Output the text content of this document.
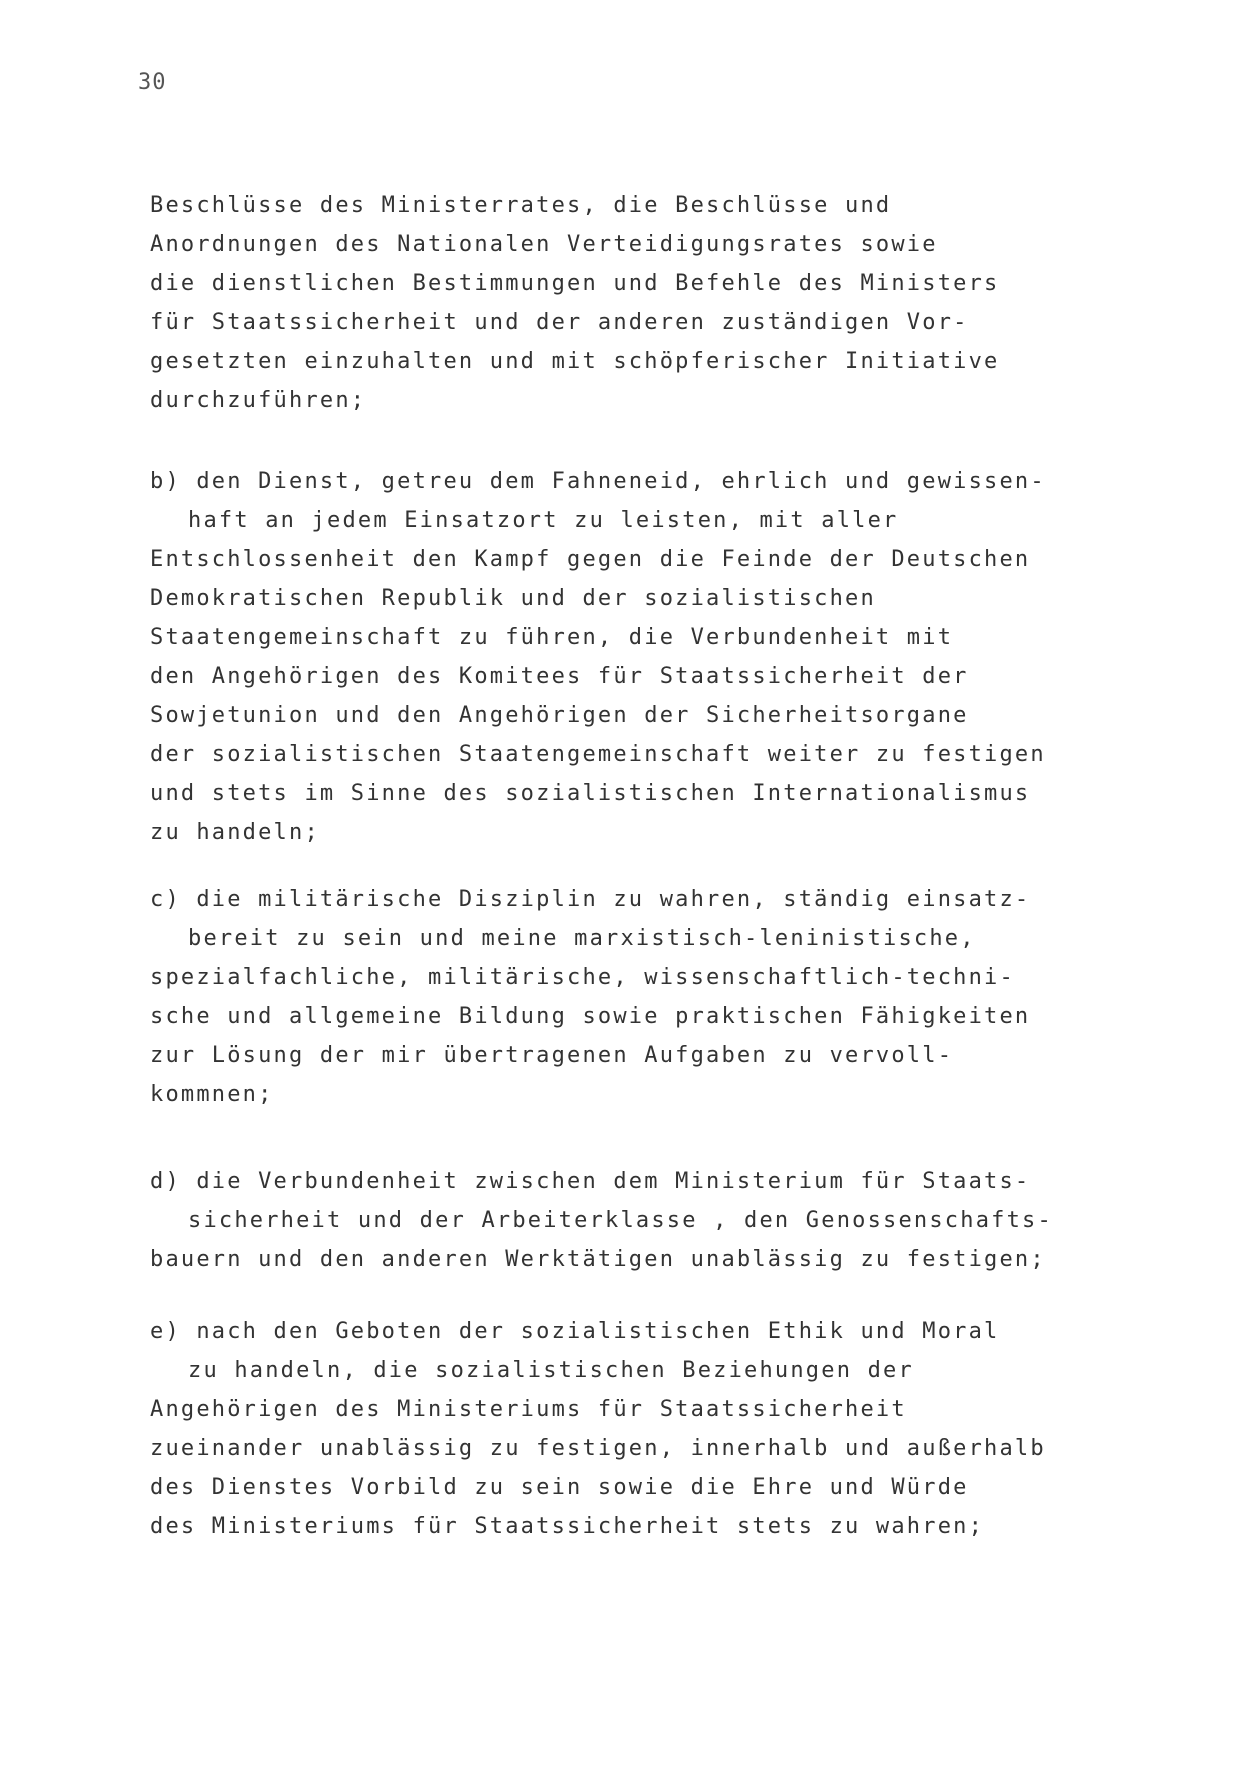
30
Beschlüsse des Ministerrates, die Beschlüsse und
Anordnungen des Nationalen Verteidigungsrates sowie
die dienstlichen Bestimmungen und Befehle des Ministers
für Staatssicherheit und der anderen zuständigen Vor-
gesetzten einzuhalten und mit schöpferischer Initiative
durchzuführen;
b) den Dienst, getreu dem Fahneneid, ehrlich und gewissen-
haft an jedem Einsatzort zu leisten, mit aller
Entschlossenheit den Kampf gegen die Feinde der Deutschen
Demokratischen Republik und der sozialistischen
Staatengemeinschaft zu führen, die Verbundenheit mit
den Angehörigen des Komitees für Staatssicherheit der
Sowjetunion und den Angehörigen der Sicherheitsorgane
der sozialistischen Staatengemeinschaft weiter zu festigen
und stets im Sinne des sozialistischen Internationalismus
zu handeln;
c) die militärische Disziplin zu wahren, ständig einsatz-
bereit zu sein und meine marxistisch-leninistische,
spezialfachliche, militärische, wissenschaftlich-techni-
sche und allgemeine Bildung sowie praktischen Fähigkeiten
zur Lösung der mir übertragenen Aufgaben zu vervoll-
kommnen;
d) die Verbundenheit zwischen dem Ministerium für Staats-
sicherheit und der Arbeiterklasse , den Genossenschafts-
bauern und den anderen Werktätigen unablässig zu festigen;
e) nach den Geboten der sozialistischen Ethik und Moral
zu handeln, die sozialistischen Beziehungen der
Angehörigen des Ministeriums für Staatssicherheit
zueinander unablässig zu festigen, innerhalb und außerhalb
des Dienstes Vorbild zu sein sowie die Ehre und Würde
des Ministeriums für Staatssicherheit stets zu wahren;
